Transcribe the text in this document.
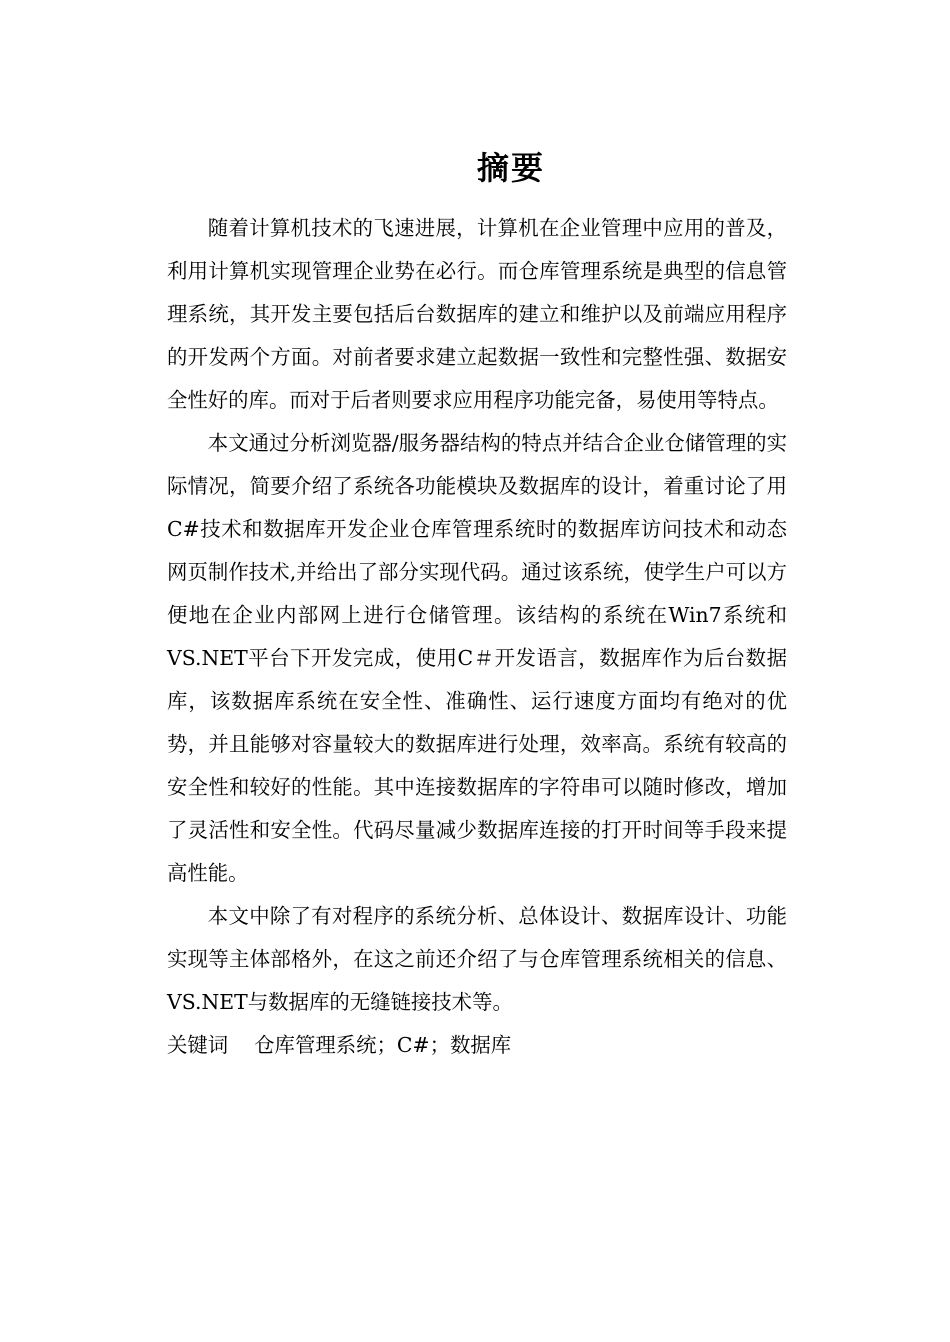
摘要

随着计算机技术的飞速进展，计算机在企业管理中应用的普及，利用计算机实现管理企业势在必行。而仓库管理系统是典型的信息管理系统，其开发主要包括后台数据库的建立和维护以及前端应用程序的开发两个方面。对前者要求建立起数据一致性和完整性强、数据安全性好的库。而对于后者则要求应用程序功能完备，易使用等特点。

本文通过分析浏览器/服务器结构的特点并结合企业仓储管理的实际情况，简要介绍了系统各功能模块及数据库的设计，着重讨论了用 C#技术和数据库开发企业仓库管理系统时的数据库访问技术和动态网页制作技术,并给出了部分实现代码。通过该系统，使学生户可以方便地在企业内部网上进行仓储管理。该结构的系统在Win7系统和VS.NET平台下开发完成，使用C＃开发语言，数据库作为后台数据库，该数据库系统在安全性、准确性、运行速度方面均有绝对的优势，并且能够对容量较大的数据库进行处理，效率高。系统有较高的安全性和较好的性能。其中连接数据库的字符串可以随时修改，增加了灵活性和安全性。代码尽量减少数据库连接的打开时间等手段来提高性能。

本文中除了有对程序的系统分析、总体设计、数据库设计、功能实现等主体部格外，在这之前还介绍了与仓库管理系统相关的信息、VS.NET与数据库的无缝链接技术等。

关键词 仓库管理系统；C#；数据库
